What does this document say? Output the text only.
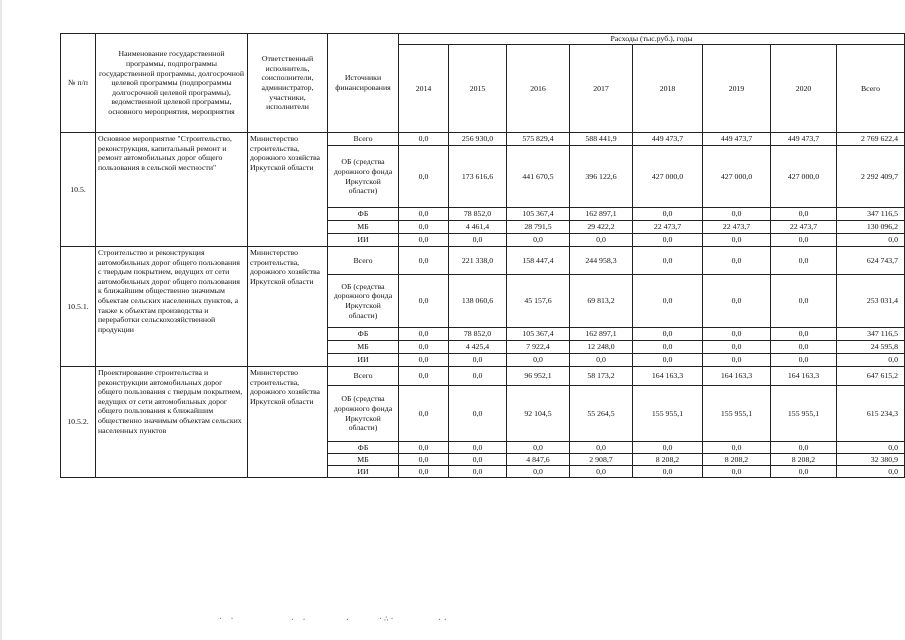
№ п/п	Наименование государственной программы, подпрограммы государственной программы, долгосрочной целевой программы (подпрограммы долгосрочной целевой программы), ведомственной целевой программы, основного мероприятия, мероприятия	Ответственный исполнитель, соисполнители, администратор, участники, исполнители	Источники финансирования	Расходы (тыс.руб.), годы							
				2014	2015	2016	2017	2018	2019	2020	Всего
10.5.	Основное мероприятие "Строительство, реконструкция, капитальный ремонт и ремонт автомобильных дорог общего пользования в сельской местности"	Министерство строительства, дорожного хозяйства Иркутской области	Всего	0,0	256 930,0	575 829,4	588 441,9	449 473,7	449 473,7	449 473,7	2 769 622,4
			ОБ (средства дорожного фонда Иркутской области)	0,0	173 616,6	441 670,5	396 122,6	427 000,0	427 000,0	427 000,0	2 292 409,7
			ФБ	0,0	78 852,0	105 367,4	162 897,1	0,0	0,0	0,0	347 116,5
			МБ	0,0	4 461,4	28 791,5	29 422,2	22 473,7	22 473,7	22 473,7	130 096,2
			ИИ	0,0	0,0	0,0	0,0	0,0	0,0	0,0	0,0
10.5.1.	Строительство и реконструкция автомобильных дорог общего пользования с твердым покрытием, ведущих от сети автомобильных дорог общего пользования к ближайшим общественно значимым объектам сельских населенных пунктов, а также к объектам производства и переработки сельскохозяйственной продукции	Министерство строительства, дорожного хозяйства Иркутской области	Всего	0,0	221 338,0	158 447,4	244 958,3	0,0	0,0	0,0	624 743,7
			ОБ (средства дорожного фонда Иркутской области)	0,0	138 060,6	45 157,6	69 813,2	0,0	0,0	0,0	253 031,4
			ФБ	0,0	78 852,0	105 367,4	162 897,1	0,0	0,0	0,0	347 116,5
			МБ	0,0	4 425,4	7 922,4	12 248,0	0,0	0,0	0,0	24 595,8
			ИИ	0,0	0,0	0,0	0,0	0,0	0,0	0,0	0,0
10.5.2.	Проектирование строительства и реконструкции автомобильных дорог общего пользования с твердым покрытием, ведущих от сети автомобильных дорог общего пользования к ближайшим общественно значимым объектам сельских населенных пунктов	Министерство строительства, дорожного хозяйства Иркутской области	Всего	0,0	0,0	96 952,1	58 173,2	164 163,3	164 163,3	164 163,3	647 615,2
			ОБ (средства дорожного фонда Иркутской области)	0,0	0,0	92 104,5	55 264,5	155 955,1	155 955,1	155 955,1	615 234,3
			ФБ	0,0	0,0	0,0	0,0	0,0	0,0	0,0	0,0
			МБ	0,0	0,0	4 847,6	2 908,7	8 208,2	8 208,2	8 208,2	32 380,9
			ИИ	0,0	0,0	0,0	0,0	0,0	0,0	0,0	0,0
· ·	· ·	·	·∴·	··
